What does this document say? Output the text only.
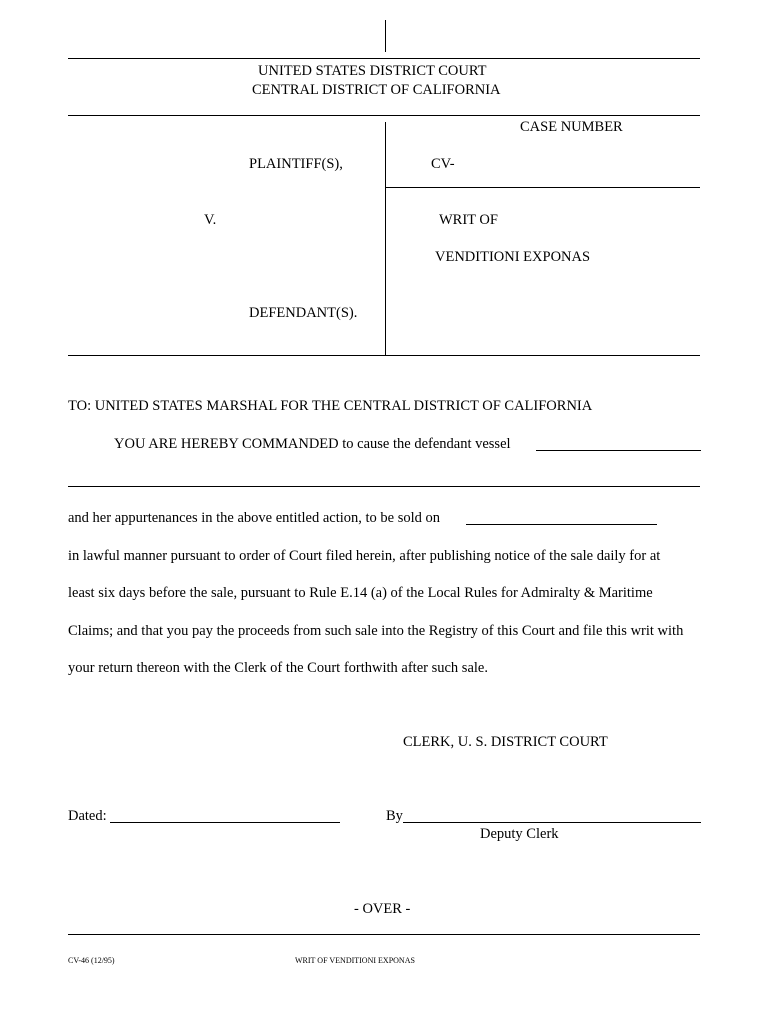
UNITED STATES DISTRICT COURT
CENTRAL DISTRICT OF CALIFORNIA
CASE NUMBER
PLAINTIFF(S),	CV-
V.	WRIT OF
VENDITIONI EXPONAS
DEFENDANT(S).
TO: UNITED STATES MARSHAL FOR THE CENTRAL DISTRICT OF CALIFORNIA
YOU ARE HEREBY COMMANDED to cause the defendant vessel
and her appurtenances in the above entitled action, to be sold on
in lawful manner pursuant to order of Court filed herein, after publishing notice of the sale daily for at
least six days before the sale, pursuant to Rule E.14 (a) of the Local Rules for Admiralty & Maritime
Claims; and that you pay the proceeds from such sale into the Registry of this Court and file this writ with
your return thereon with the Clerk of the Court forthwith after such sale.
CLERK, U. S. DISTRICT COURT
Dated:	By
Deputy Clerk
- OVER -
CV-46 (12/95)	WRIT OF VENDITIONI EXPONAS
